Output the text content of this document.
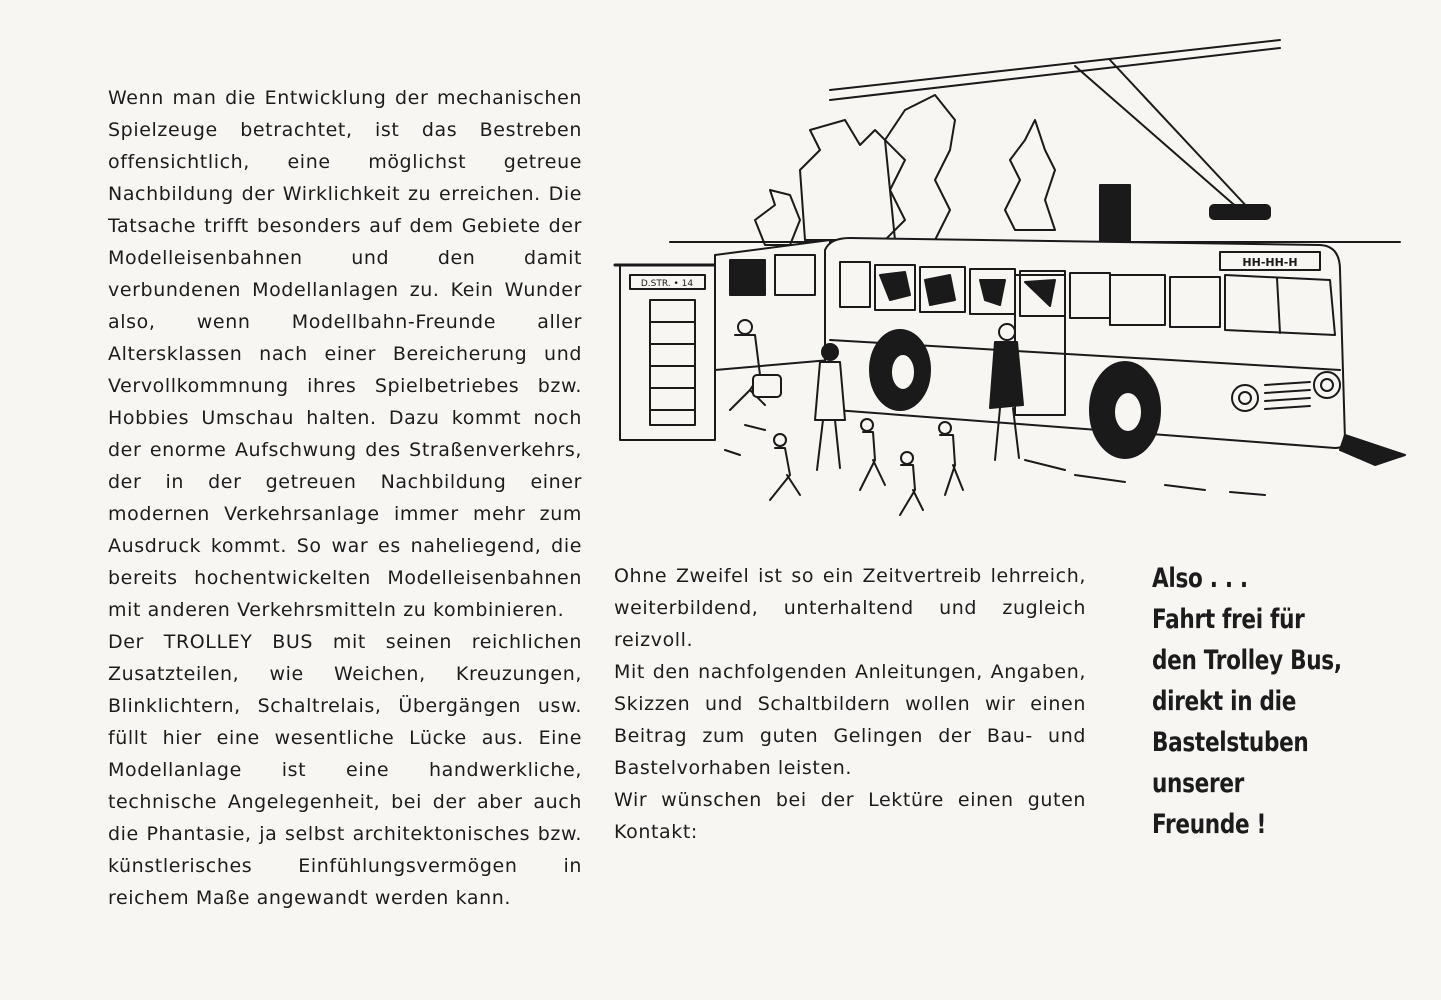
Wenn man die Entwicklung der mechanischen Spielzeuge betrachtet, ist das Bestreben offensichtlich, eine möglichst getreue Nachbildung der Wirklichkeit zu erreichen. Die Tatsache trifft besonders auf dem Gebiete der Modelleisenbahnen und den damit verbundenen Modellanlagen zu. Kein Wunder also, wenn Modellbahn-Freunde aller Altersklassen nach einer Bereicherung und Vervollkommnung ihres Spielbetriebes bzw. Hobbies Umschau halten. Dazu kommt noch der enorme Aufschwung des Straßenverkehrs, der in der getreuen Nachbildung einer modernen Verkehrsanlage immer mehr zum Ausdruck kommt. So war es naheliegend, die bereits hochentwickelten Modelleisenbahnen mit anderen Verkehrsmitteln zu kombinieren.

Der TROLLEY BUS mit seinen reichlichen Zusatzteilen, wie Weichen, Kreuzungen, Blinklichtern, Schaltrelais, Übergängen usw. füllt hier eine wesentliche Lücke aus. Eine Modellanlage ist eine handwerkliche, technische Angelegenheit, bei der aber auch die Phantasie, ja selbst architektonisches bzw. künstlerisches Einfühlungsvermögen in reichem Maße angewandt werden kann.

D.STR. • 14
HH-HH-H

Ohne Zweifel ist so ein Zeitvertreib lehrreich, weiterbildend, unterhaltend und zugleich reizvoll.

Mit den nachfolgenden Anleitungen, Angaben, Skizzen und Schaltbildern wollen wir einen Beitrag zum guten Gelingen der Bau- und Bastelvorhaben leisten.

Wir wünschen bei der Lektüre einen guten Kontakt:

Also . . .
Fahrt frei für
den Trolley Bus,
direkt in die
Bastelstuben
unserer
Freunde !
